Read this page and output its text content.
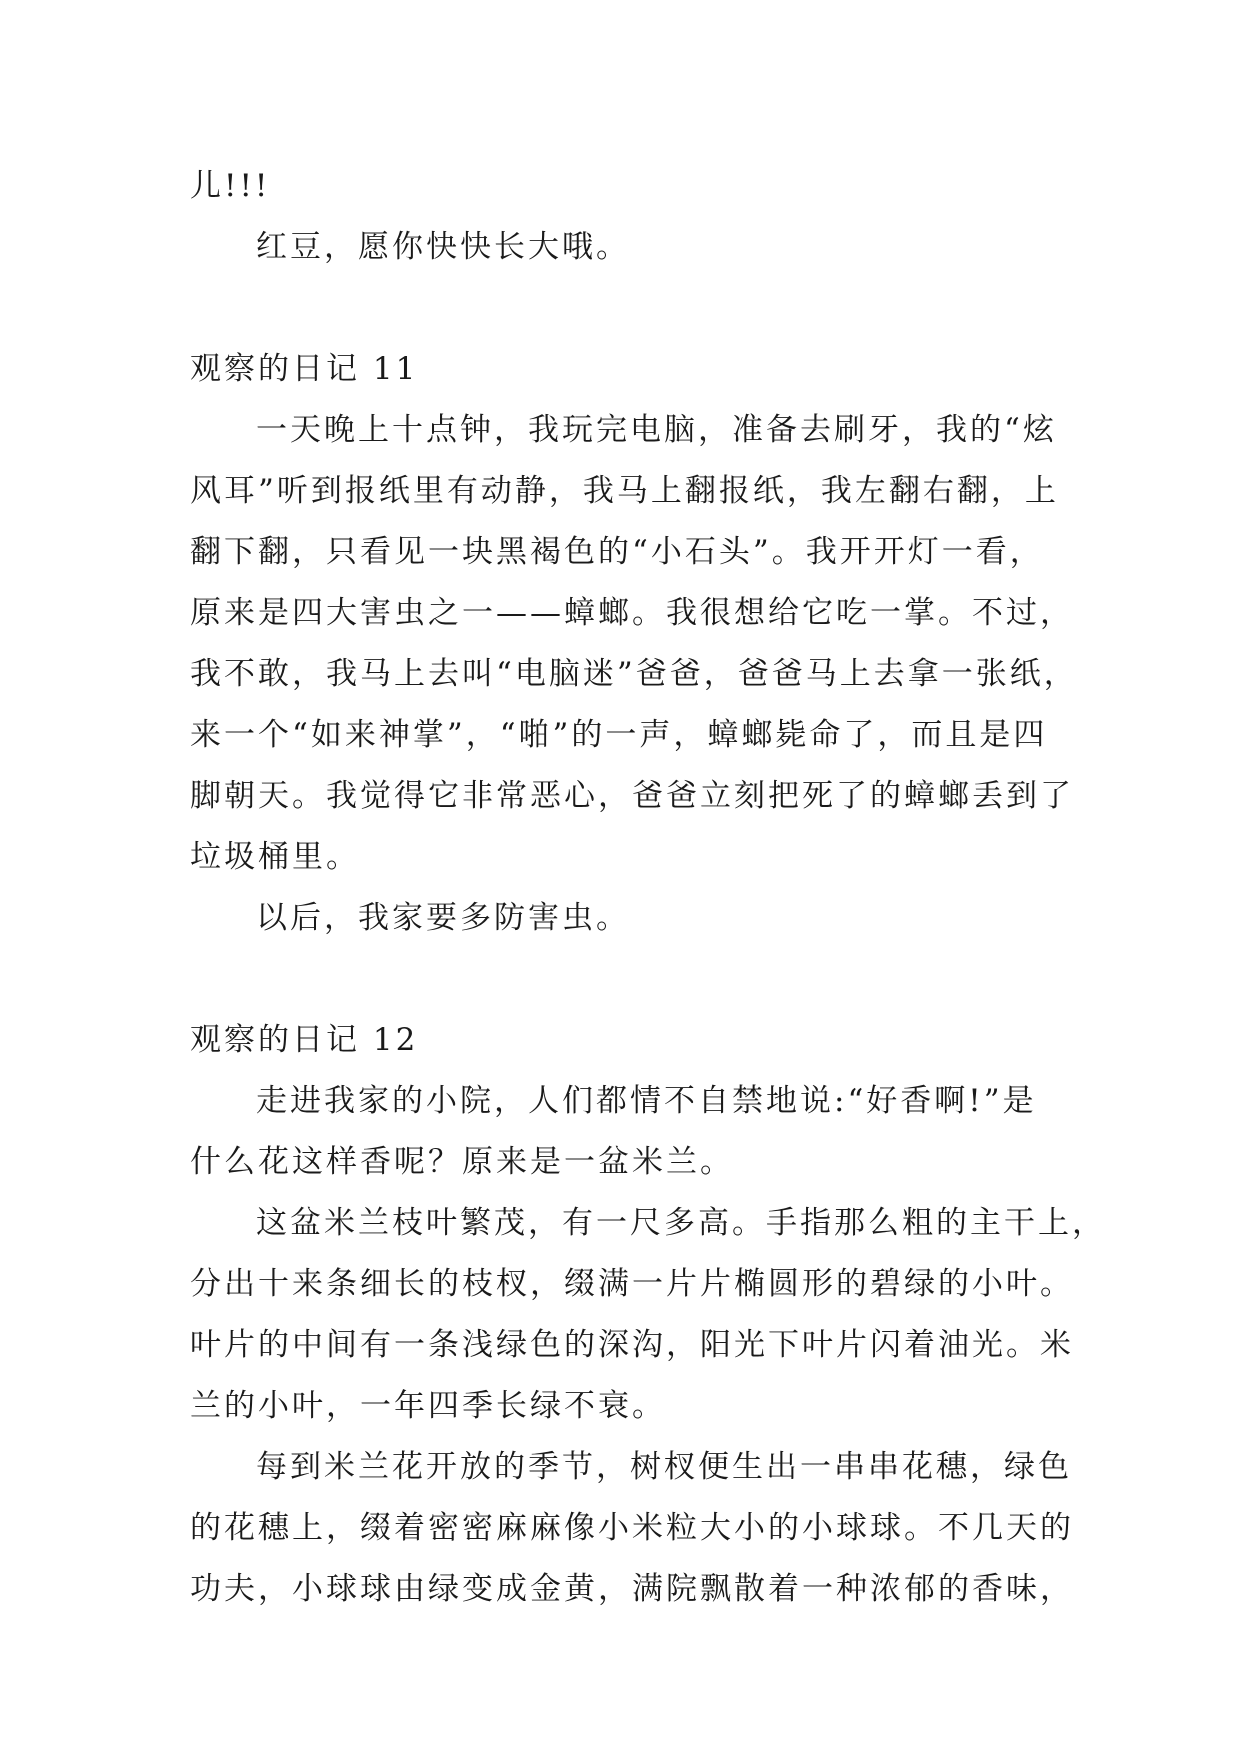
儿!!!
红豆，愿你快快长大哦。
观察的日记 11
一天晚上十点钟，我玩完电脑，准备去刷牙，我的“炫
风耳”听到报纸里有动静，我马上翻报纸，我左翻右翻，上
翻下翻，只看见一块黑褐色的“小石头”。我开开灯一看，
原来是四大害虫之一——蟑螂。我很想给它吃一掌。不过，
我不敢，我马上去叫“电脑迷”爸爸，爸爸马上去拿一张纸，
来一个“如来神掌”，“啪”的一声，蟑螂毙命了，而且是四
脚朝天。我觉得它非常恶心，爸爸立刻把死了的蟑螂丢到了
垃圾桶里。
以后，我家要多防害虫。
观察的日记 12
走进我家的小院，人们都情不自禁地说:“好香啊!”是
什么花这样香呢？原来是一盆米兰。
这盆米兰枝叶繁茂，有一尺多高。手指那么粗的主干上，
分出十来条细长的枝杈，缀满一片片椭圆形的碧绿的小叶。
叶片的中间有一条浅绿色的深沟，阳光下叶片闪着油光。米
兰的小叶，一年四季长绿不衰。
每到米兰花开放的季节，树杈便生出一串串花穗，绿色
的花穗上，缀着密密麻麻像小米粒大小的小球球。不几天的
功夫，小球球由绿变成金黄，满院飘散着一种浓郁的香味，
